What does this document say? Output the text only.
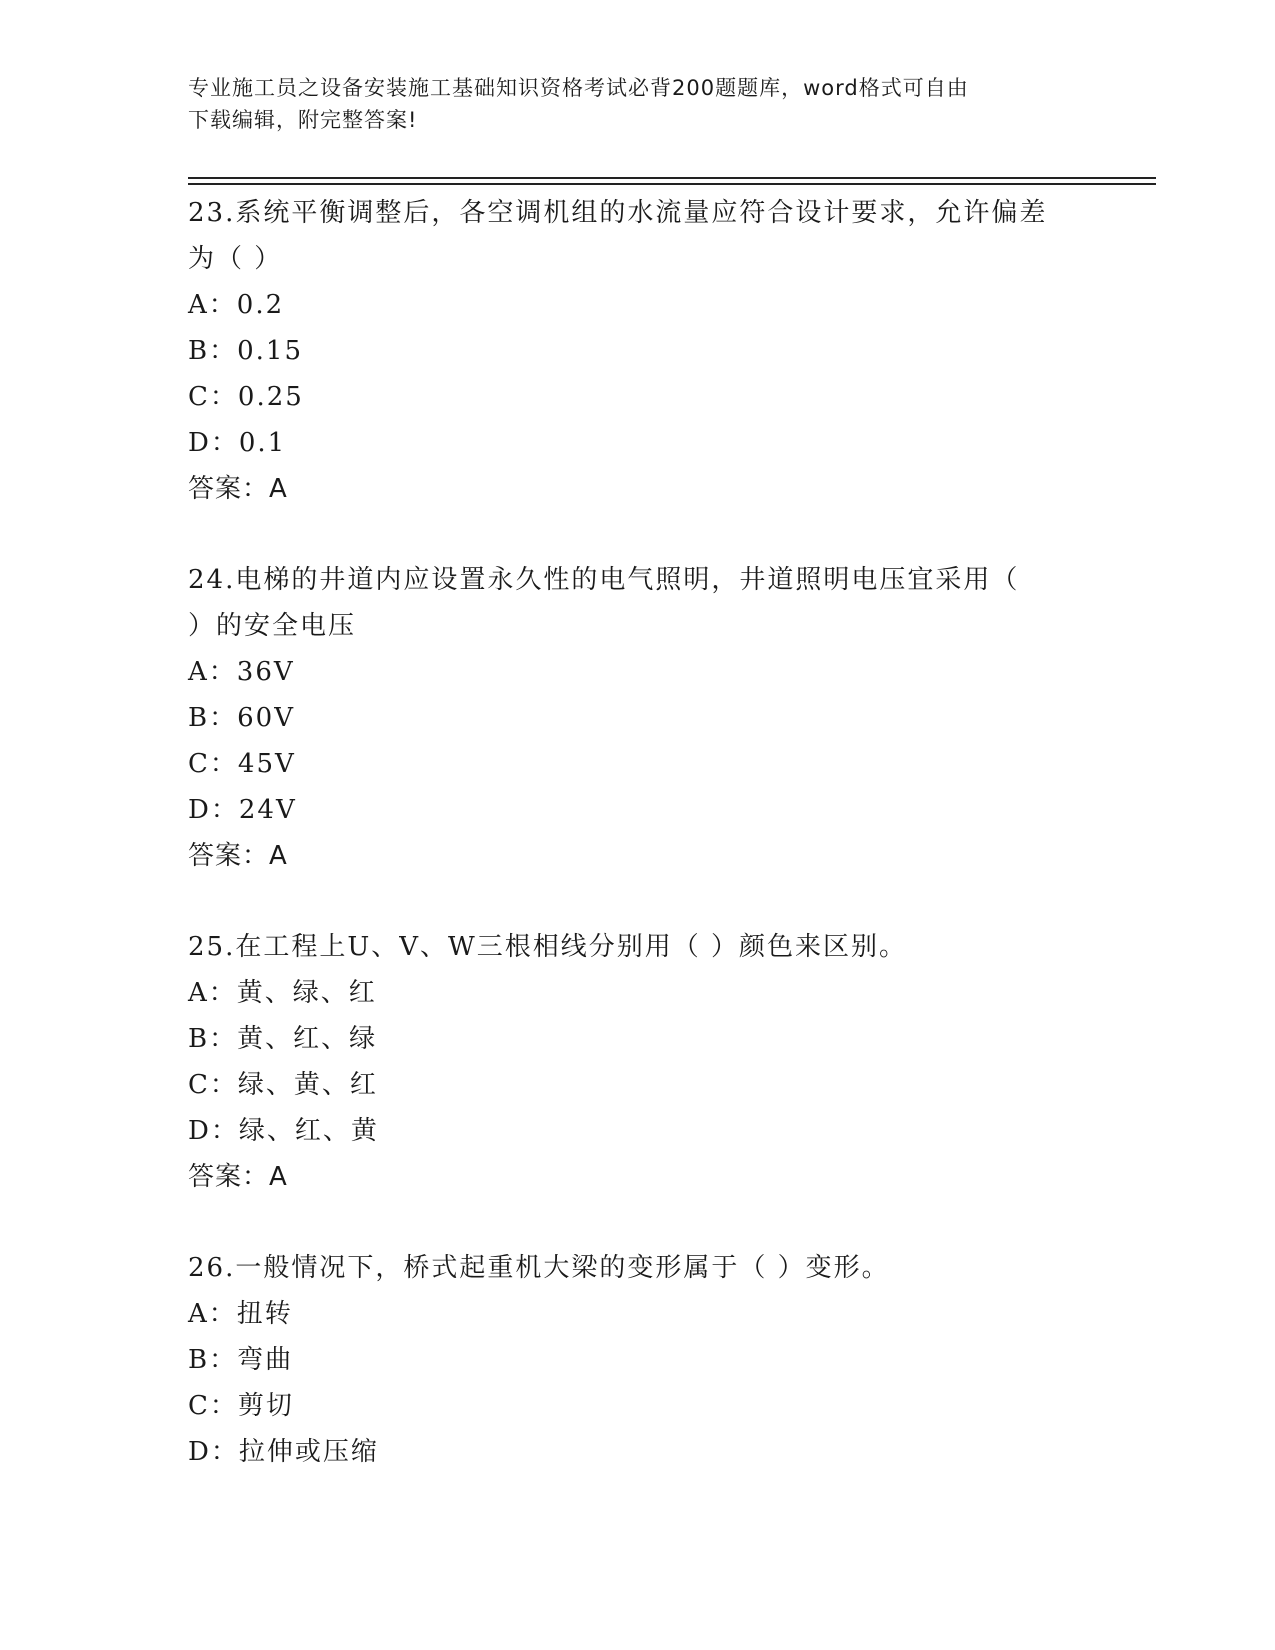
专业施工员之设备安装施工基础知识资格考试必背200题题库，word格式可自由
下载编辑，附完整答案!

23.系统平衡调整后，各空调机组的水流量应符合设计要求，允许偏差

为（ ）

A：0.2

B：0.15

C：0.25

D：0.1

答案：A

24.电梯的井道内应设置永久性的电气照明，井道照明电压宜采用（

）的安全电压

A：36V

B：60V

C：45V

D：24V

答案：A

25.在工程上U、V、W三根相线分别用（ ）颜色来区别。

A：黄、绿、红

B：黄、红、绿

C：绿、黄、红

D：绿、红、黄

答案：A

26.一般情况下，桥式起重机大梁的变形属于（ ）变形。

A：扭转

B：弯曲

C：剪切

D：拉伸或压缩
